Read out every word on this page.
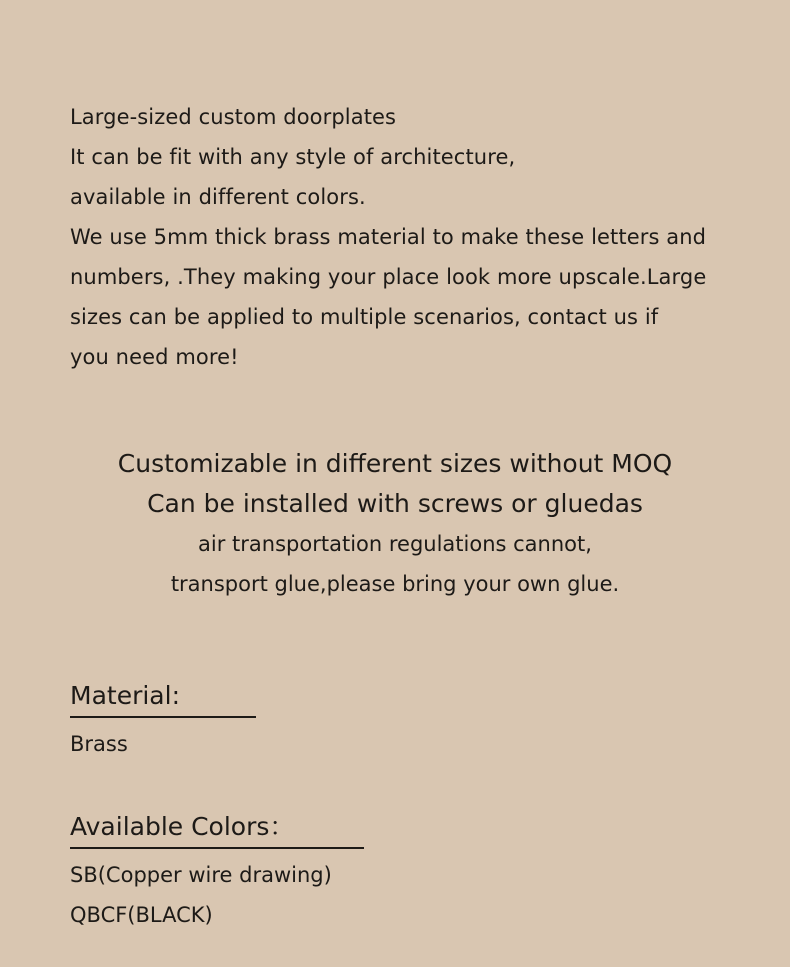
Large-sized custom doorplates
It can be fit with any style of architecture,
available in different colors.
We use 5mm thick brass material to make these letters and
numbers, .They making your place look more upscale.Large
sizes can be applied to multiple scenarios, contact us if
you need more!
Customizable in different sizes without MOQ
Can be installed with screws or gluedas
air transportation regulations cannot,
transport glue,please bring your own glue.
Material:
Brass
Available Colors：
SB(Copper wire drawing)
QBCF(BLACK)
